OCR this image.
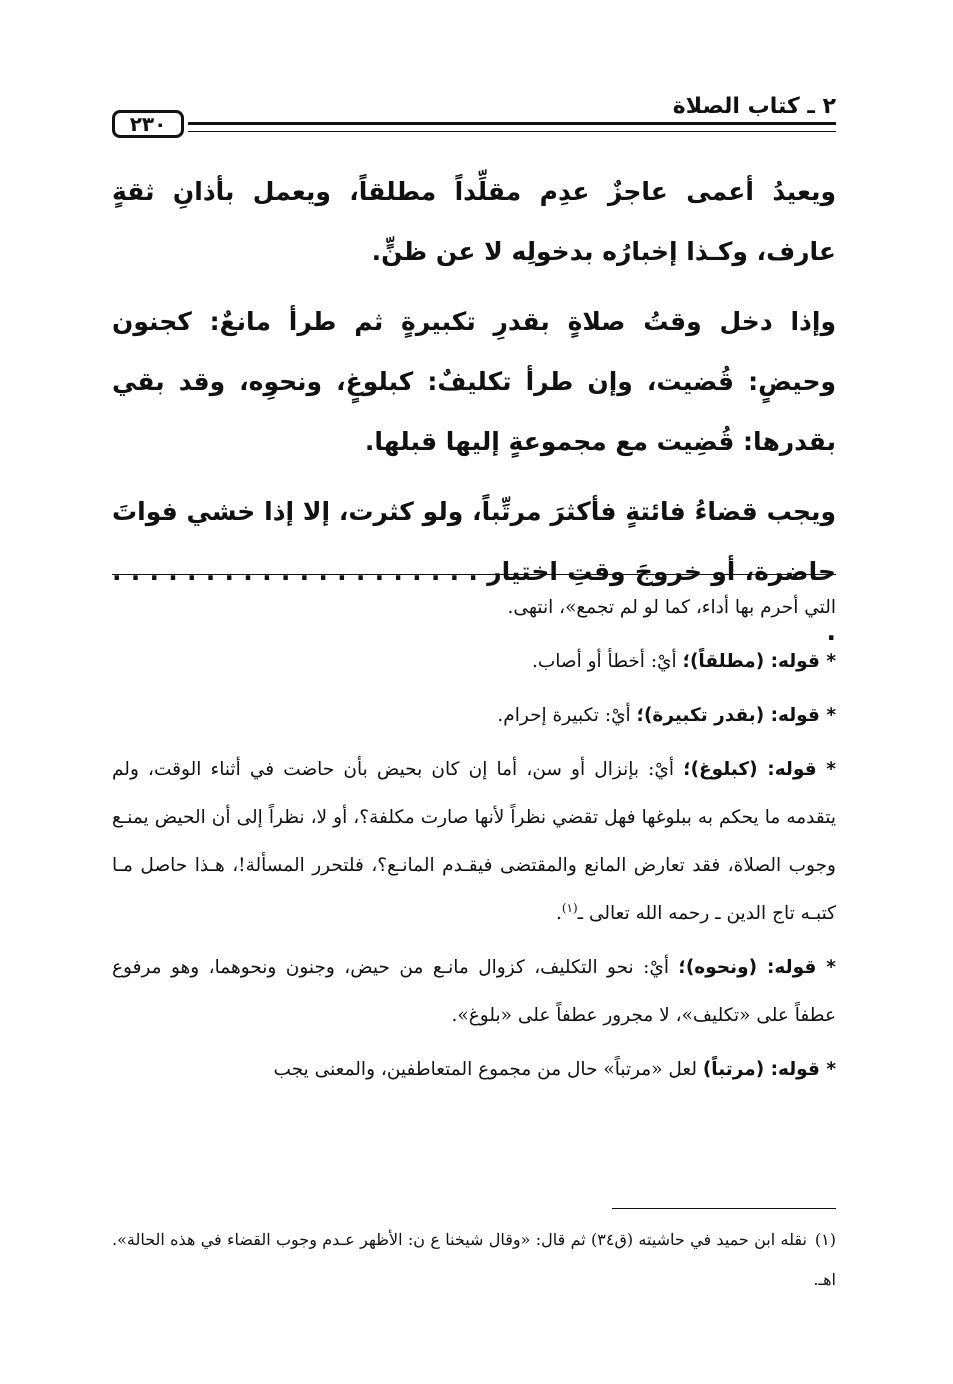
٢٣٠
٢ ـ كتاب الصلاة

ويعيدُ أعمى عاجزٌ عدِم مقلِّداً مطلقاً، ويعمل بأذانِ ثقةٍ عارف، وكـذا إخبارُه بدخولِه لا عن ظنٍّ.

وإذا دخل وقتُ صلاةٍ بقدرِ تكبيرةٍ ثم طرأ مانعٌ: كجنون وحيضٍ: قُضيت، وإن طرأ تكليفٌ: كبلوغٍ، ونحوِه، وقد بقي بقدرها: قُضِيت مع مجموعةٍ إليها قبلها.

ويجب قضاءُ فائتةٍ فأكثرَ مرتِّباً، ولو كثرت، إلا إذا خشي فواتَ حاضرة، أو خروجَ وقتِ اختيار . . . . . . . . . . . . . . . . . . . . .

التي أحرم بها أداء، كما لو لم تجمع»، انتهى.

* قوله: (مطلقاً)؛ أيْ: أخطأ أو أصاب.

* قوله: (بقدر تكبيرة)؛ أيْ: تكبيرة إحرام.

* قوله: (كبلوغ)؛ أيْ: بإنزال أو سن، أما إن كان بحيض بأن حاضت في أثناء الوقت، ولم يتقدمه ما يحكم به ببلوغها فهل تقضي نظراً لأنها صارت مكلفة؟، أو لا، نظراً إلى أن الحيض يمنـع وجوب الصلاة، فقد تعارض المانع والمقتضى فيقـدم المانـع؟، فلتحرر المسألة!، هـذا حاصل مـا كتبـه تاج الدين ـ رحمه الله تعالى ـ$^{(١)}$.

* قوله: (ونحوه)؛ أيْ: نحو التكليف، كزوال مانـع من حيض، وجنون ونحوهما، وهو مرفوع عطفاً على «تكليف»، لا مجرور عطفاً على «بلوغ».

* قوله: (مرتباً) لعل «مرتباً» حال من مجموع المتعاطفين، والمعنى يجب

(١)نقله ابن حميد في حاشيته (ق٣٤) ثم قال: «وقال شيخنا ع ن: الأظهر عـدم وجوب القضاء في هذه الحالة». اهـ.
